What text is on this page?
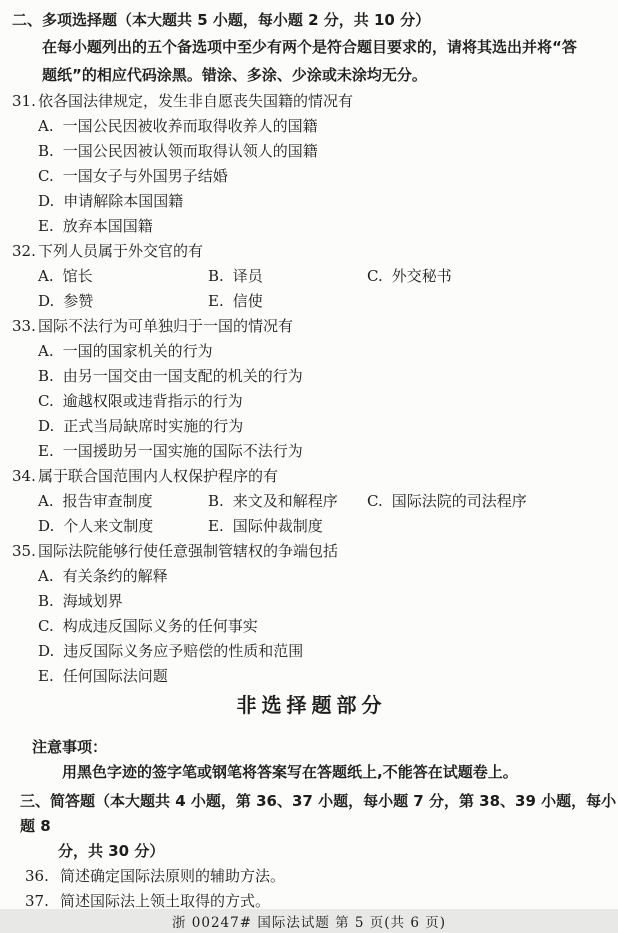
二、多项选择题（本大题共 5 小题，每小题 2 分，共 10 分）
在每小题列出的五个备选项中至少有两个是符合题目要求的，请将其选出并将“答
题纸”的相应代码涂黑。错涂、多涂、少涂或未涂均无分。
31. 依各国法律规定，发生非自愿丧失国籍的情况有
A. 一国公民因被收养而取得收养人的国籍
B. 一国公民因被认领而取得认领人的国籍
C. 一国女子与外国男子结婚
D. 申请解除本国国籍
E. 放弃本国国籍
32. 下列人员属于外交官的有
A. 馆长	B. 译员	C. 外交秘书
D. 参赞	E. 信使
33. 国际不法行为可单独归于一国的情况有
A. 一国的国家机关的行为
B. 由另一国交由一国支配的机关的行为
C. 逾越权限或违背指示的行为
D. 正式当局缺席时实施的行为
E. 一国援助另一国实施的国际不法行为
34. 属于联合国范围内人权保护程序的有
A. 报告审查制度	B. 来文及和解程序 C. 国际法院的司法程序
D. 个人来文制度	E. 国际仲裁制度
35. 国际法院能够行使任意强制管辖权的争端包括
A. 有关条约的解释
B. 海域划界
C. 构成违反国际义务的任何事实
D. 违反国际义务应予赔偿的性质和范围
E. 任何国际法问题
非选择题部分
注意事项：
用黑色字迹的签字笔或钢笔将答案写在答题纸上,不能答在试题卷上。
三、简答题（本大题共 4 小题，第 36、37 小题，每小题 7 分，第 38、39 小题，每小题 8
分，共 30 分）
36. 简述确定国际法原则的辅助方法。
37. 简述国际法上领土取得的方式。
浙 00247# 国际法试题 第 5 页(共 6 页)
